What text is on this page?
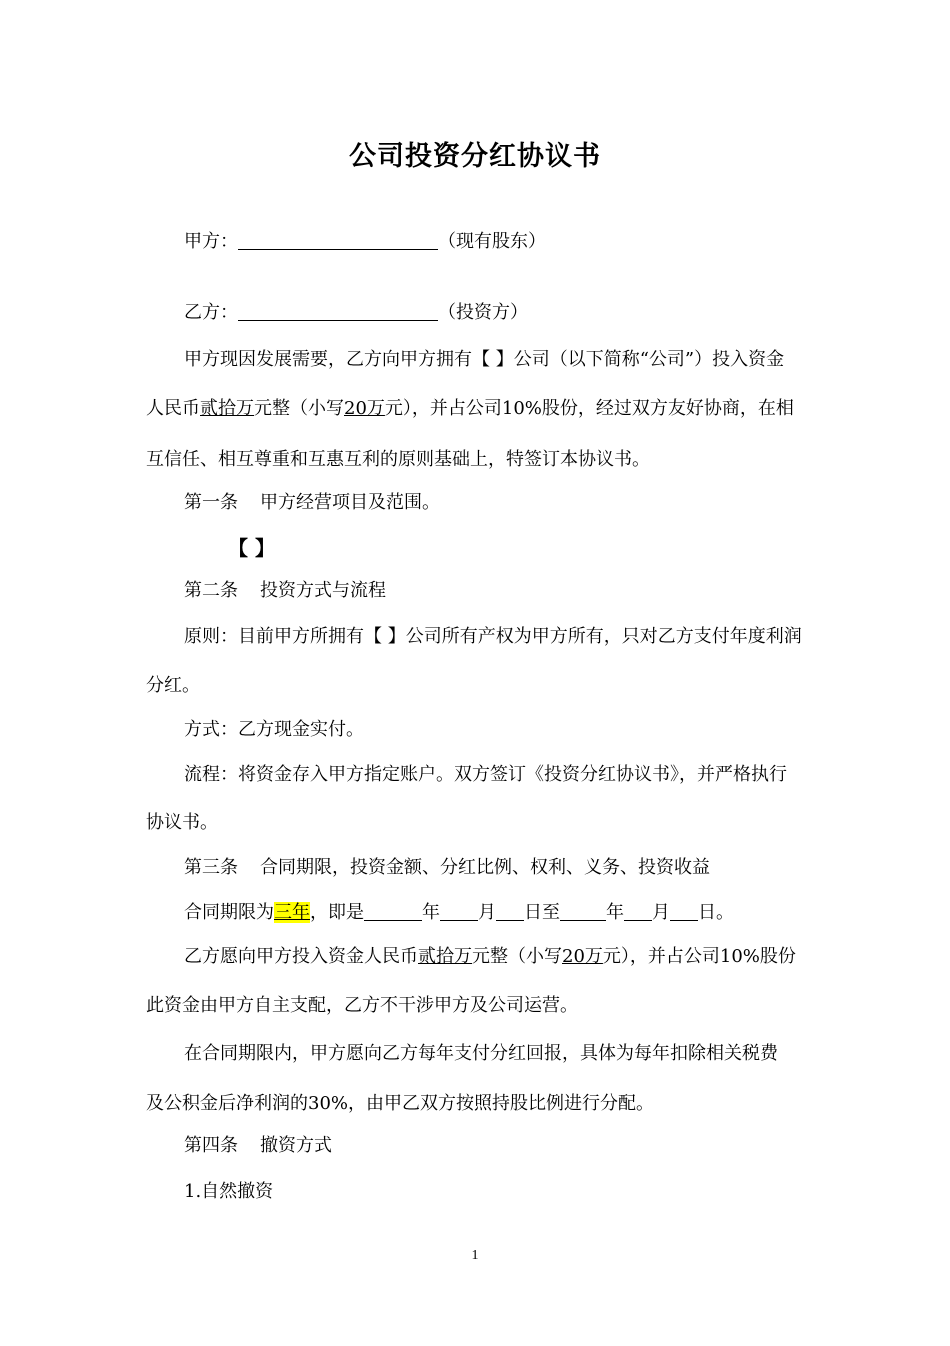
公司投资分红协议书
甲方：	（现有股东）
乙方：	（投资方）
甲方现因发展需要，乙方向甲方拥有【 】公司（以下简称“公司”）投入资金
人民币贰拾万元整（小写20万元），并占公司10%股份，经过双方友好协商，在相
互信任、相互尊重和互惠互利的原则基础上，特签订本协议书。
第一条 甲方经营项目及范围。
【 】
第二条 投资方式与流程
原则：目前甲方所拥有【 】公司所有产权为甲方所有，只对乙方支付年度利润
分红。
方式：乙方现金实付。
流程：将资金存入甲方指定账户。双方签订《投资分红协议书》，并严格执行
协议书。
第三条 合同期限，投资金额、分红比例、权利、义务、投资收益
合同期限为三年，即是	年 月 日至	年 月 日。
乙方愿向甲方投入资金人民币贰拾万元整（小写20万元），并占公司10%股份
此资金由甲方自主支配，乙方不干涉甲方及公司运营。
在合同期限内，甲方愿向乙方每年支付分红回报，具体为每年扣除相关税费
及公积金后净利润的30%，由甲乙双方按照持股比例进行分配。
第四条 撤资方式
1.自然撤资
1
